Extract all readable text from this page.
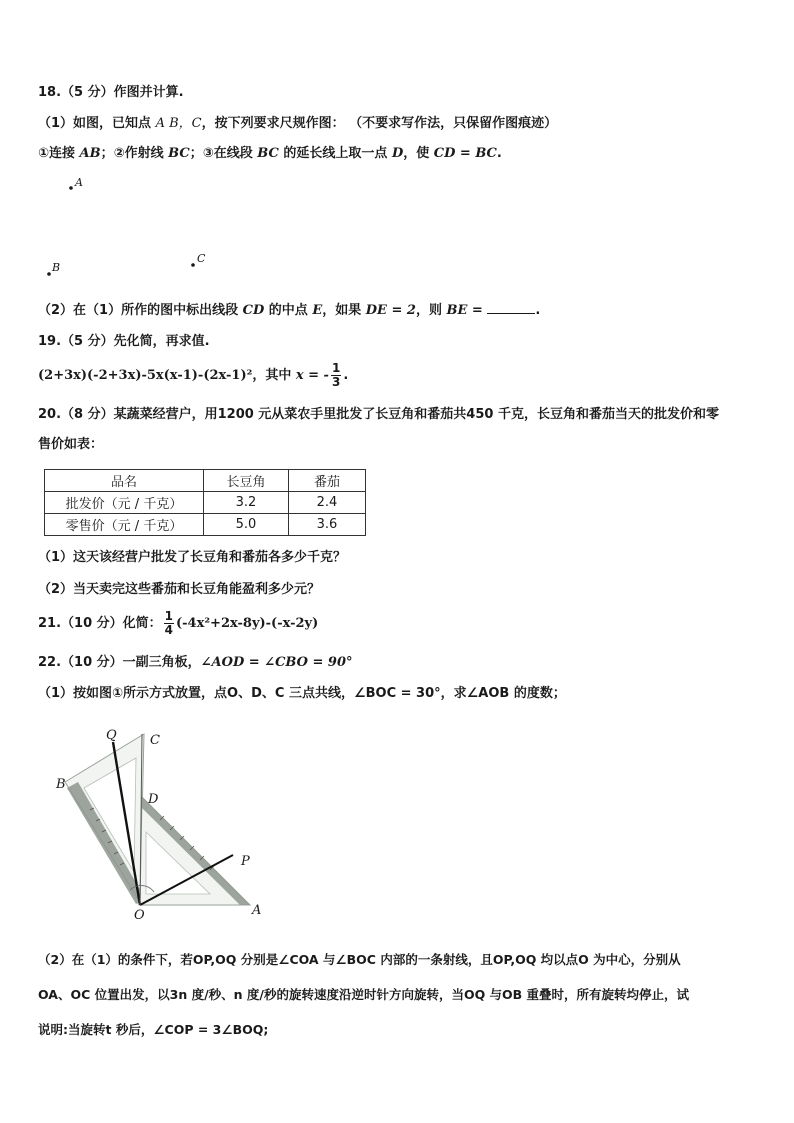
18.（5 分）作图并计算.
（1）如图，已知点 A B，C，按下列要求尺规作图： （不要求写作法，只保留作图痕迹）
①连接 AB；②作射线 BC；③在线段 BC 的延长线上取一点 D，使 CD = BC.
A
B
C
（2）在（1）所作的图中标出线段 CD 的中点 E，如果 DE = 2，则 BE =	.
19.（5 分）先化简，再求值.
(2+3x)(-2+3x)-5x(x-1)-(2x-1)²，其中 x = - $\frac{1}{3}$ .
20.（8 分）某蔬菜经营户，用1200 元从菜农手里批发了长豆角和番茄共450 千克，长豆角和番茄当天的批发价和零
售价如表：
品名	长豆角	番茄
批发价（元 / 千克）	3.2	2.4
零售价（元 / 千克）	5.0	3.6
（1）这天该经营户批发了长豆角和番茄各多少千克？
（2）当天卖完这些番茄和长豆角能盈利多少元？
21.（10 分）化简： $\frac{1}{4} (-4x^2+2x-8y)-(-x-2y)$
22.（10 分）一副三角板，∠AOD = ∠CBO = 90°
（1）按如图①所示方式放置，点O、D、C 三点共线，∠BOC = 30°，求∠AOB 的度数；
Q	C
B
D
P
O	A
（2）在（1）的条件下，若OP,OQ 分别是∠COA 与∠BOC 内部的一条射线，且OP,OQ 均以点O 为中心，分别从
OA、OC 位置出发，以3n 度/秒、n 度/秒的旋转速度沿逆时针方向旋转，当OQ 与OB 重叠时，所有旋转均停止，试
说明:当旋转t 秒后，∠COP = 3∠BOQ;
